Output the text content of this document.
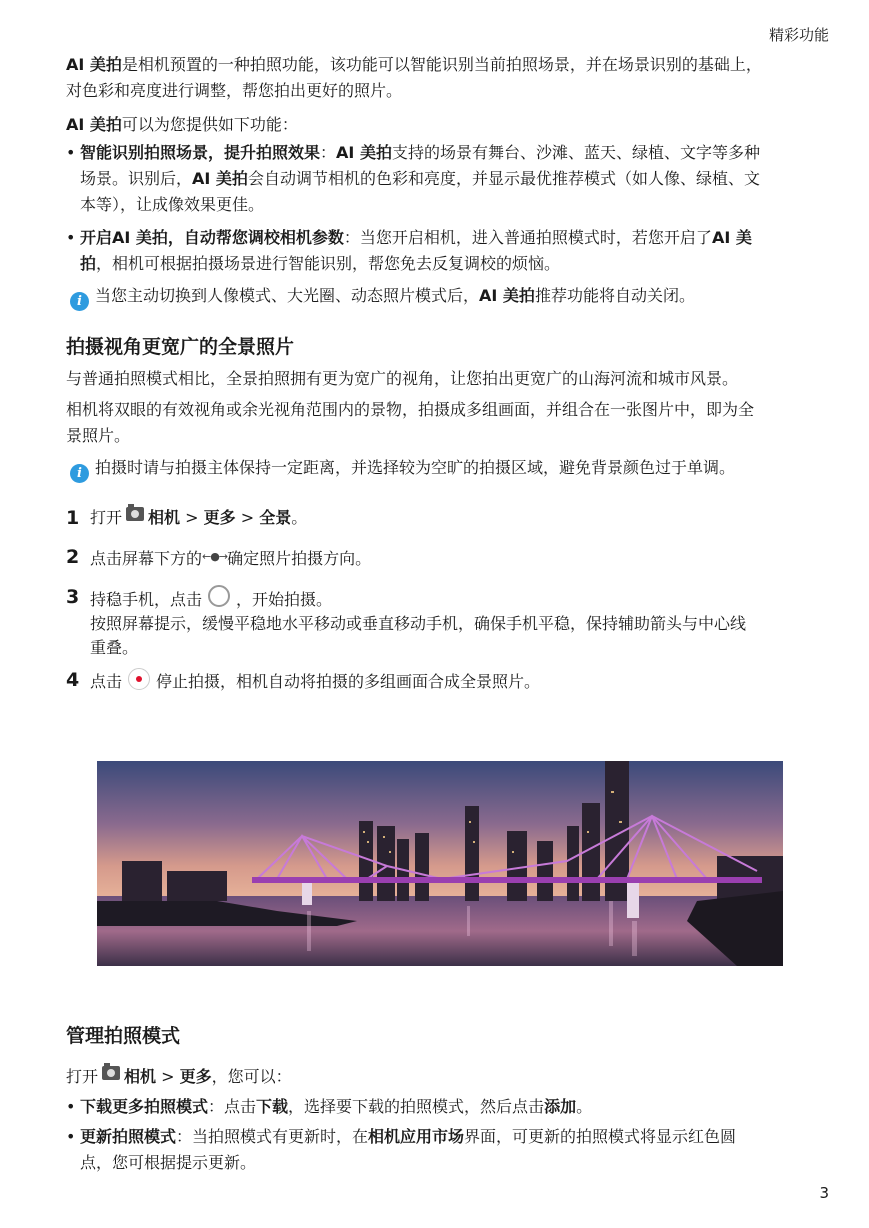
精彩功能
AI 美拍是相机预置的一种拍照功能，该功能可以智能识别当前拍照场景，并在场景识别的基础上，
对色彩和亮度进行调整，帮您拍出更好的照片。
AI 美拍可以为您提供如下功能：
• 智能识别拍照场景，提升拍照效果：AI 美拍支持的场景有舞台、沙滩、蓝天、绿植、文字等多种
场景。识别后，AI 美拍会自动调节相机的色彩和亮度，并显示最优推荐模式（如人像、绿植、文
本等），让成像效果更佳。
• 开启AI 美拍，自动帮您调校相机参数：当您开启相机，进入普通拍照模式时，若您开启了AI 美
拍，相机可根据拍摄场景进行智能识别，帮您免去反复调校的烦恼。
i 当您主动切换到人像模式、大光圈、动态照片模式后，AI 美拍推荐功能将自动关闭。
拍摄视角更宽广的全景照片
与普通拍照模式相比，全景拍照拥有更为宽广的视角，让您拍出更宽广的山海河流和城市风景。
相机将双眼的有效视角或余光视角范围内的景物，拍摄成多组画面，并组合在一张图片中，即为全
景照片。
i 拍摄时请与拍摄主体保持一定距离，并选择较为空旷的拍摄区域，避免背景颜色过于单调。
1 打开 相机 > 更多 > 全景。
2 点击屏幕下方的←●→确定照片拍摄方向。
3 持稳手机，点击 ，开始拍摄。
按照屏幕提示，缓慢平稳地水平移动或垂直移动手机，确保手机平稳，保持辅助箭头与中心线
重叠。
4 点击 停止拍摄，相机自动将拍摄的多组画面合成全景照片。
管理拍照模式
打开 相机 > 更多，您可以：
• 下载更多拍照模式：点击下载，选择要下载的拍照模式，然后点击添加。
• 更新拍照模式：当拍照模式有更新时，在相机应用市场界面，可更新的拍照模式将显示红色圆
点，您可根据提示更新。
3
